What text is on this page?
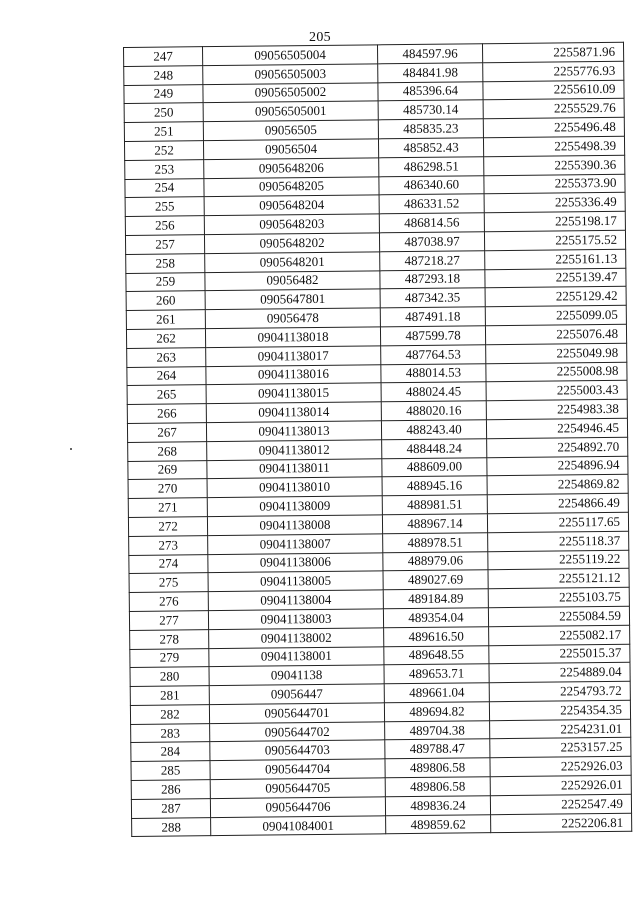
205
247	09056505004	484597.96	2255871.96
248	09056505003	484841.98	2255776.93
249	09056505002	485396.64	2255610.09
250	09056505001	485730.14	2255529.76
251	09056505	485835.23	2255496.48
252	09056504	485852.43	2255498.39
253	0905648206	486298.51	2255390.36
254	0905648205	486340.60	2255373.90
255	0905648204	486331.52	2255336.49
256	0905648203	486814.56	2255198.17
257	0905648202	487038.97	2255175.52
258	0905648201	487218.27	2255161.13
259	09056482	487293.18	2255139.47
260	0905647801	487342.35	2255129.42
261	09056478	487491.18	2255099.05
262	09041138018	487599.78	2255076.48
263	09041138017	487764.53	2255049.98
264	09041138016	488014.53	2255008.98
265	09041138015	488024.45	2255003.43
266	09041138014	488020.16	2254983.38
267	09041138013	488243.40	2254946.45
268	09041138012	488448.24	2254892.70
269	09041138011	488609.00	2254896.94
270	09041138010	488945.16	2254869.82
271	09041138009	488981.51	2254866.49
272	09041138008	488967.14	2255117.65
273	09041138007	488978.51	2255118.37
274	09041138006	488979.06	2255119.22
275	09041138005	489027.69	2255121.12
276	09041138004	489184.89	2255103.75
277	09041138003	489354.04	2255084.59
278	09041138002	489616.50	2255082.17
279	09041138001	489648.55	2255015.37
280	09041138	489653.71	2254889.04
281	09056447	489661.04	2254793.72
282	0905644701	489694.82	2254354.35
283	0905644702	489704.38	2254231.01
284	0905644703	489788.47	2253157.25
285	0905644704	489806.58	2252926.03
286	0905644705	489806.58	2252926.01
287	0905644706	489836.24	2252547.49
288	09041084001	489859.62	2252206.81
